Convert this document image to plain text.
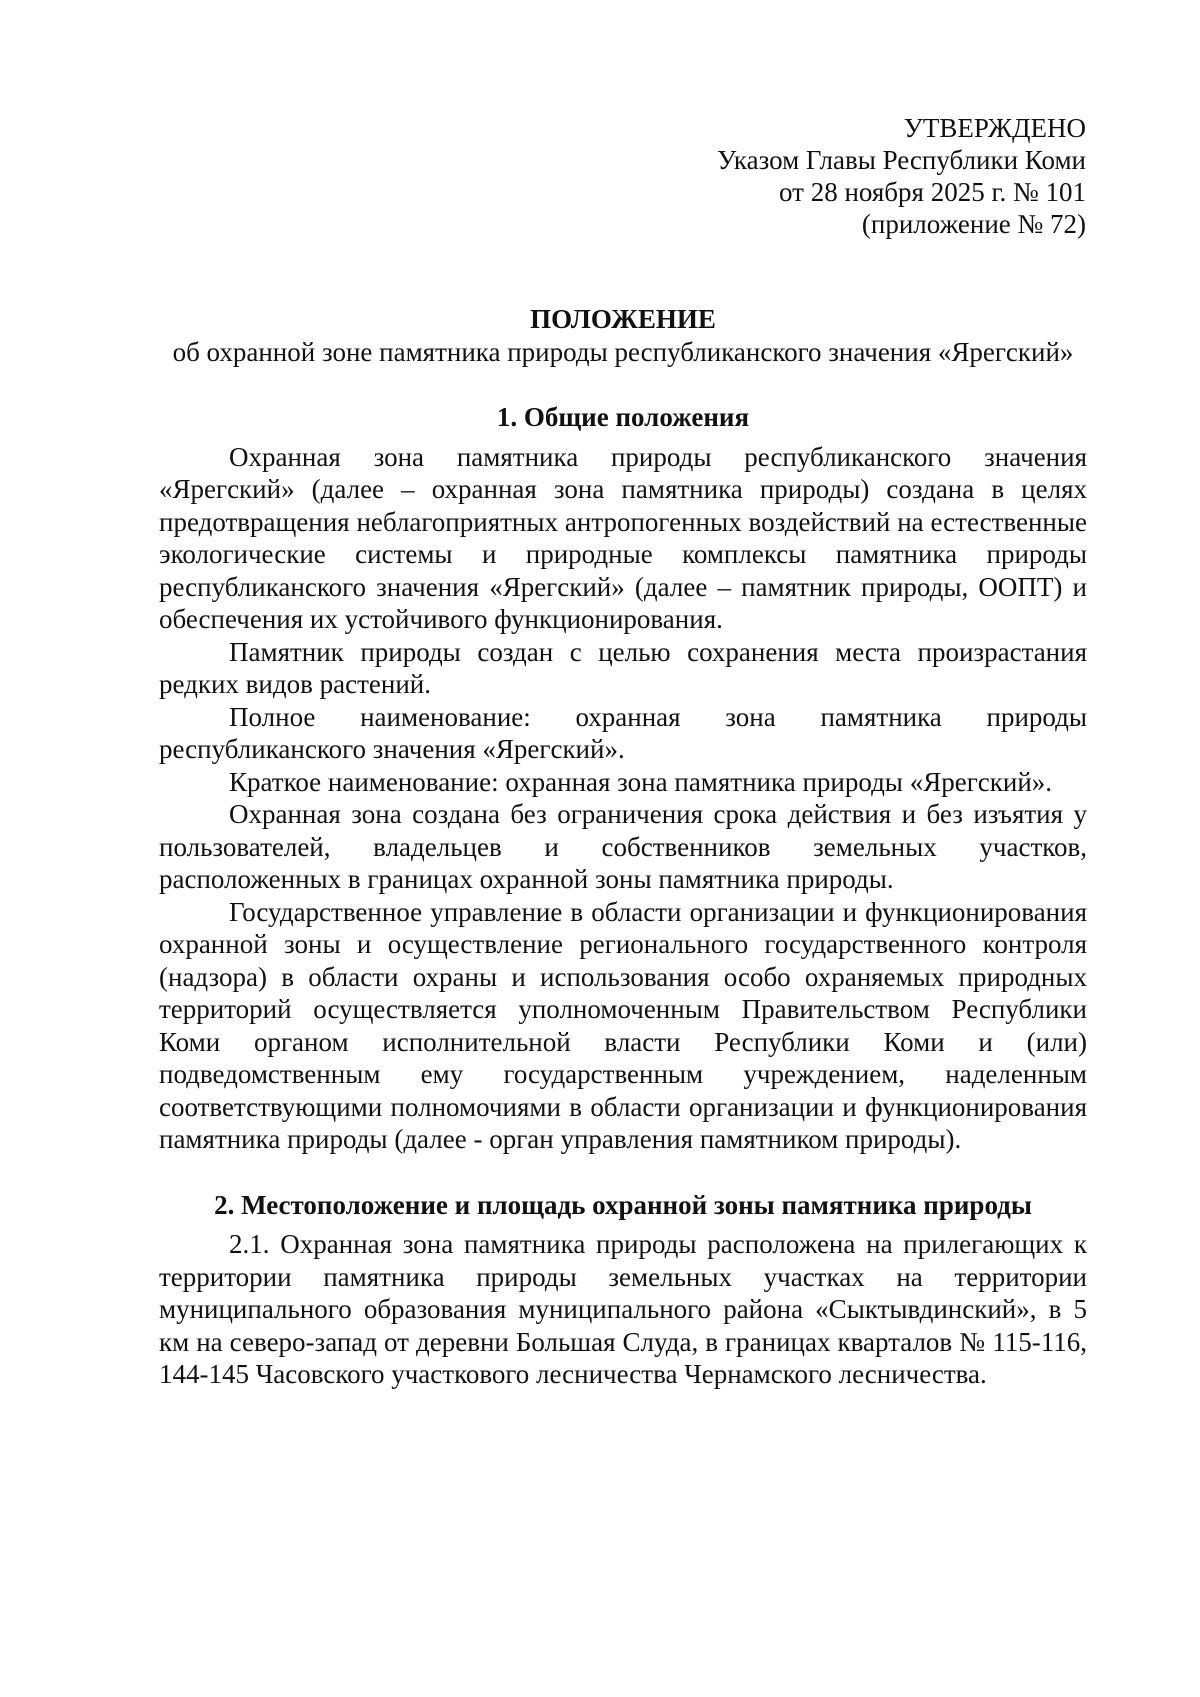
УТВЕРЖДЕНО
Указом Главы Республики Коми
от 28 ноября 2025 г. № 101
(приложение № 72)

ПОЛОЖЕНИЕ

об охранной зоне памятника природы республиканского значения «Ярегский»

1. Общие положения

Охранная зона памятника природы республиканского значения «Ярегский» (далее – охранная зона памятника природы) создана в целях предотвращения неблагоприятных антропогенных воздействий на естественные экологические системы и природные комплексы памятника природы республиканского значения «Ярегский» (далее – памятник природы, ООПТ) и обеспечения их устойчивого функционирования.

Памятник природы создан с целью сохранения места произрастания редких видов растений.

Полное наименование: охранная зона памятника природы республиканского значения «Ярегский».

Краткое наименование: охранная зона памятника природы «Ярегский».

Охранная зона создана без ограничения срока действия и без изъятия у пользователей, владельцев и собственников земельных участков, расположенных в границах охранной зоны памятника природы.

Государственное управление в области организации и функционирования охранной зоны и осуществление регионального государственного контроля (надзора) в области охраны и использования особо охраняемых природных территорий осуществляется уполномоченным Правительством Республики Коми органом исполнительной власти Республики Коми и (или) подведомственным ему государственным учреждением, наделенным соответствующими полномочиями в области организации и функционирования памятника природы (далее - орган управления памятником природы).

2. Местоположение и площадь охранной зоны памятника природы

2.1. Охранная зона памятника природы расположена на прилегающих к территории памятника природы земельных участках на территории муниципального образования муниципального района «Сыктывдинский», в 5 км на северо-запад от деревни Большая Слуда, в границах кварталов № 115-116, 144-145 Часовского участкового лесничества Чернамского лесничества.
